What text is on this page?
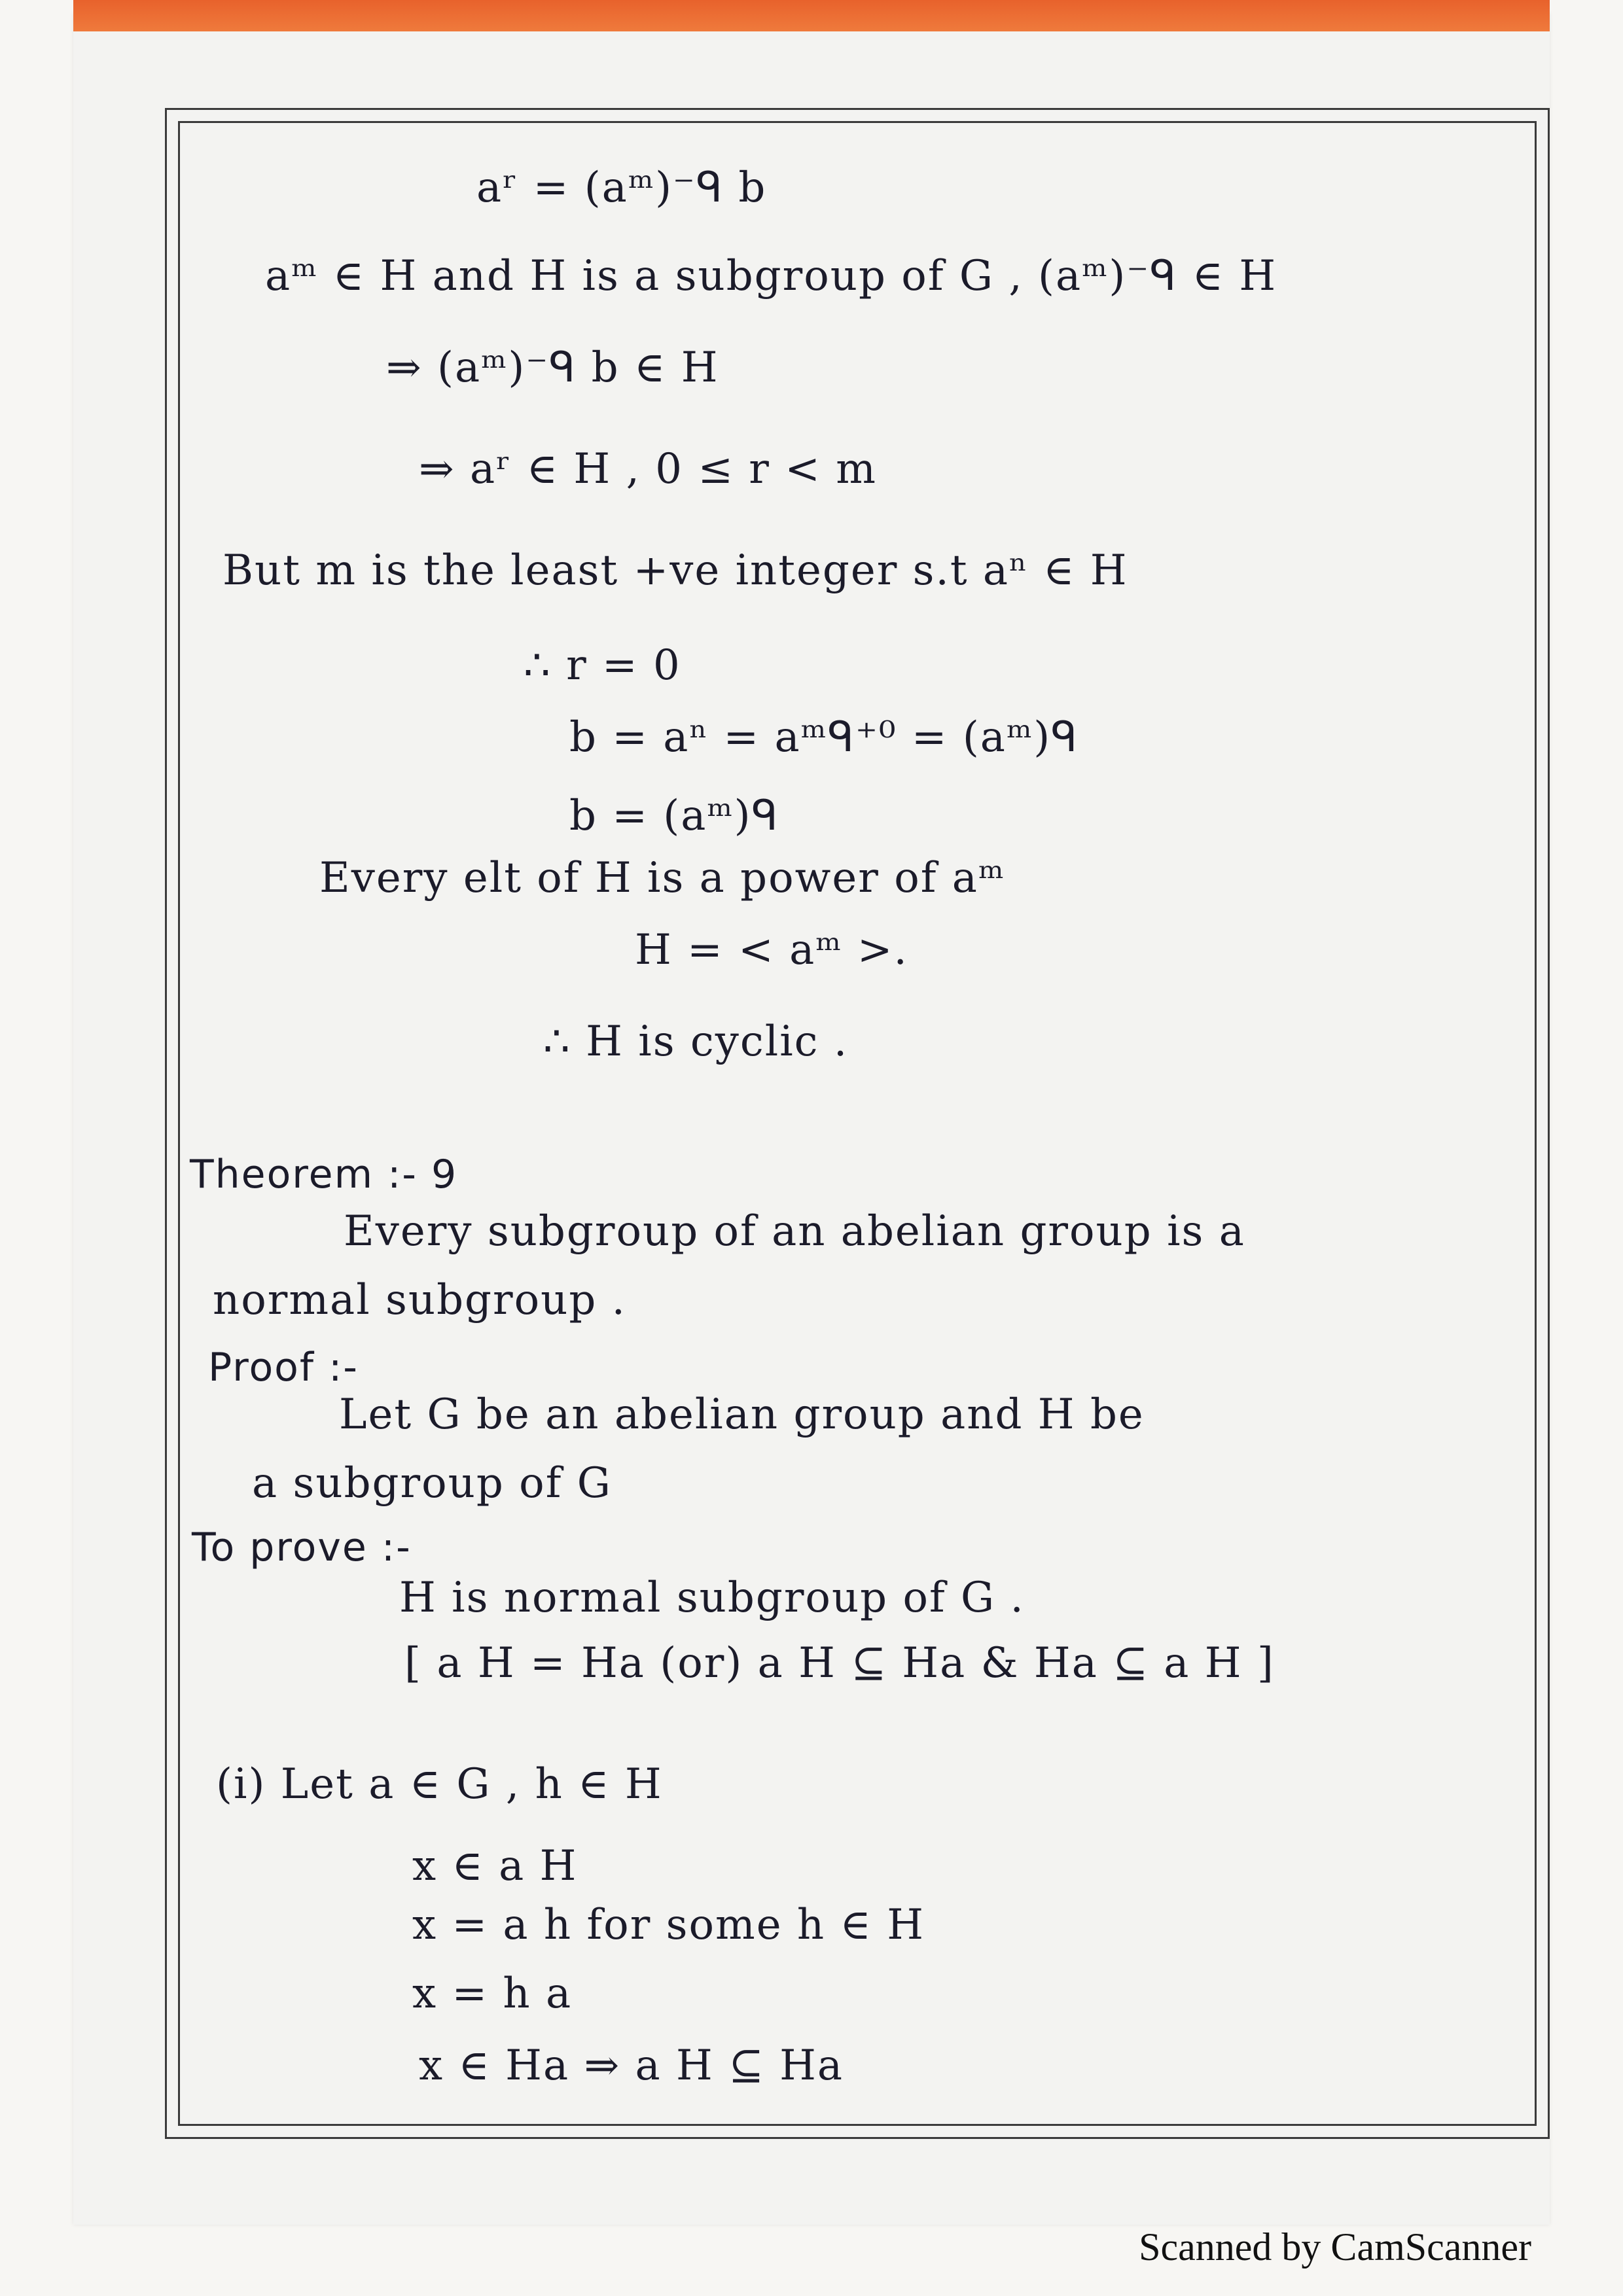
aʳ = (aᵐ)⁻ᑫ b
aᵐ ∈ H and H is a subgroup of G , (aᵐ)⁻ᑫ ∈ H
⇒ (aᵐ)⁻ᑫ b ∈ H
⇒ aʳ ∈ H , 0 ≤ r < m
But m is the least +ve integer s.t aⁿ ∈ H
∴ r = 0
b = aⁿ = aᵐᑫ⁺⁰ = (aᵐ)ᑫ
b = (aᵐ)ᑫ
Every elt of H is a power of aᵐ
H = < aᵐ >.
∴ H is cyclic .
Theorem :- 9
Every subgroup of an abelian group is a
normal subgroup .
Proof :-
Let G be an abelian group and H be
a subgroup of G
To prove :-
H is normal subgroup of G .
[ a H = Ha (or) a H ⊆ Ha & Ha ⊆ a H ]
(i) Let a ∈ G , h ∈ H
x ∈ a H
x = a h for some h ∈ H
x = h a
x ∈ Ha ⇒ a H ⊆ Ha
Scanned by CamScanner
